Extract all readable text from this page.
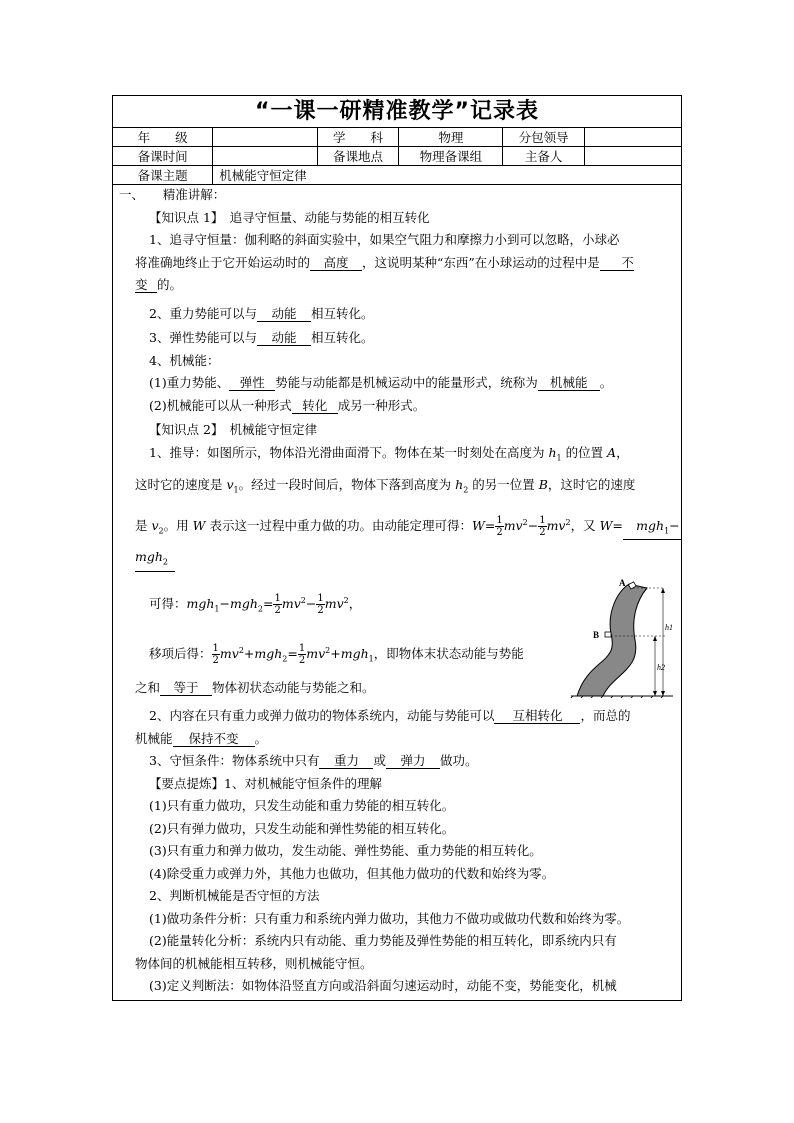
“一课一研精准教学”记录表
年　　级		学　　科	物理	分包领导	
备课时间		备课地点	物理备课组	主备人	
备课主题	机械能守恒定律				
一、　　精准讲解：
【知识点 1】　追寻守恒量、动能与势能的相互转化
1、追寻守恒量：伽利略的斜面实验中，如果空气阻力和摩擦力小到可以忽略，小球必
将准确地终止于它开始运动时的 高度 ，这说明某种“东西”在小球运动的过程中是 不
变 的。
2、重力势能可以与 动能 相互转化。
3、弹性势能可以与 动能 相互转化。
4、机械能：
(1)重力势能、 弹性 势能与动能都是机械运动中的能量形式，统称为 机械能 。
(2)机械能可以从一种形式 转化 成另一种形式。
【知识点 2】　机械能守恒定律
1、推导：如图所示，物体沿光滑曲面滑下。物体在某一时刻处在高度为 $h_1$ 的位置 A，
这时它的速度是 $v_1$。经过一段时间后，物体下落到高度为 $h_2$ 的另一位置 B，这时它的速度
是 $v_2$。用 W 表示这一过程中重力做的功。由动能定理可得：$W= \frac{1}{2} mv^2- \frac{1}{2} mv^2$，又 W= mgh$_1$−
mgh$_2$
可得：$mgh_1-mgh_2= \frac{1}{2} mv^2- \frac{1}{2} mv^2$，
移项后得： $\frac{1}{2} mv^2+mgh_2= \frac{1}{2} mv^2+mgh_1$，即物体末状态动能与势能
之和 等于 物体初状态动能与势能之和。
2、内容在只有重力或弹力做功的物体系统内，动能与势能可以 互相转化 ，而总的
机械能 保持不变 。
3、守恒条件：物体系统中只有 重力 或 弹力 做功。
【要点提炼】1、对机械能守恒条件的理解
(1)只有重力做功，只发生动能和重力势能的相互转化。
(2)只有弹力做功，只发生动能和弹性势能的相互转化。
(3)只有重力和弹力做功，发生动能、弹性势能、重力势能的相互转化。
(4)除受重力或弹力外，其他力也做功，但其他力做功的代数和始终为零。
2、判断机械能是否守恒的方法
(1)做功条件分析：只有重力和系统内弹力做功，其他力不做功或做功代数和始终为零。
(2)能量转化分析：系统内只有动能、重力势能及弹性势能的相互转化，即系统内只有
物体间的机械能相互转移，则机械能守恒。
(3)定义判断法：如物体沿竖直方向或沿斜面匀速运动时，动能不变，势能变化，机械
A
B
h1
h2
